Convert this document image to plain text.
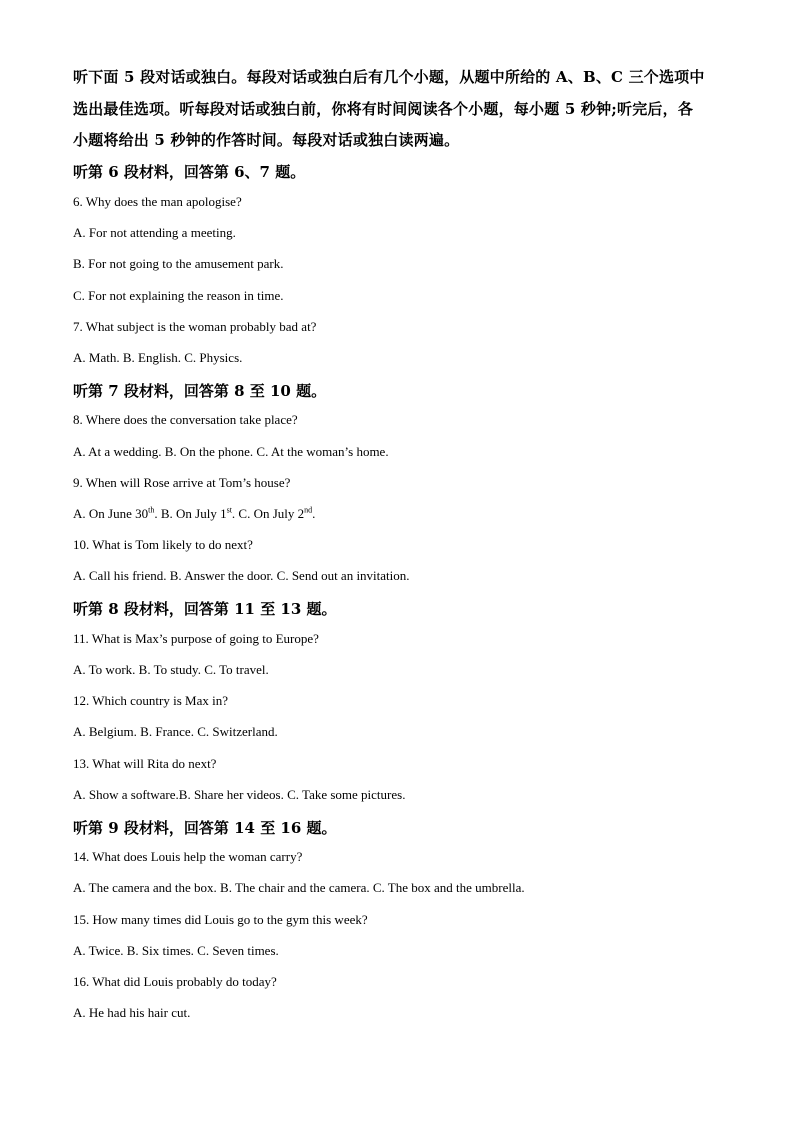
听下面 5 段对话或独白。每段对话或独白后有几个小题，从题中所给的 A、B、C 三个选项中
选出最佳选项。听每段对话或独白前，你将有时间阅读各个小题，每小题 5 秒钟;听完后，各
小题将给出 5 秒钟的作答时间。每段对话或独白读两遍。
听第 6 段材料，回答第 6、7 题。
6. Why does the man apologise?
A. For not attending a meeting.
B. For not going to the amusement park.
C. For not explaining the reason in time.
7. What subject is the woman probably bad at?
A. Math. B. English. C. Physics.
听第 7 段材料，回答第 8 至 10 题。
8. Where does the conversation take place?
A. At a wedding. B. On the phone. C. At the woman’s home.
9. When will Rose arrive at Tom’s house?
A. On June 30th. B. On July 1st. C. On July 2nd.
10. What is Tom likely to do next?
A. Call his friend. B. Answer the door. C. Send out an invitation.
听第 8 段材料，回答第 11 至 13 题。
11. What is Max’s purpose of going to Europe?
A. To work. B. To study. C. To travel.
12. Which country is Max in?
A. Belgium. B. France. C. Switzerland.
13. What will Rita do next?
A. Show a software.B. Share her videos. C. Take some pictures.
听第 9 段材料，回答第 14 至 16 题。
14. What does Louis help the woman carry?
A. The camera and the box. B. The chair and the camera. C. The box and the umbrella.
15. How many times did Louis go to the gym this week?
A. Twice. B. Six times. C. Seven times.
16. What did Louis probably do today?
A. He had his hair cut.
